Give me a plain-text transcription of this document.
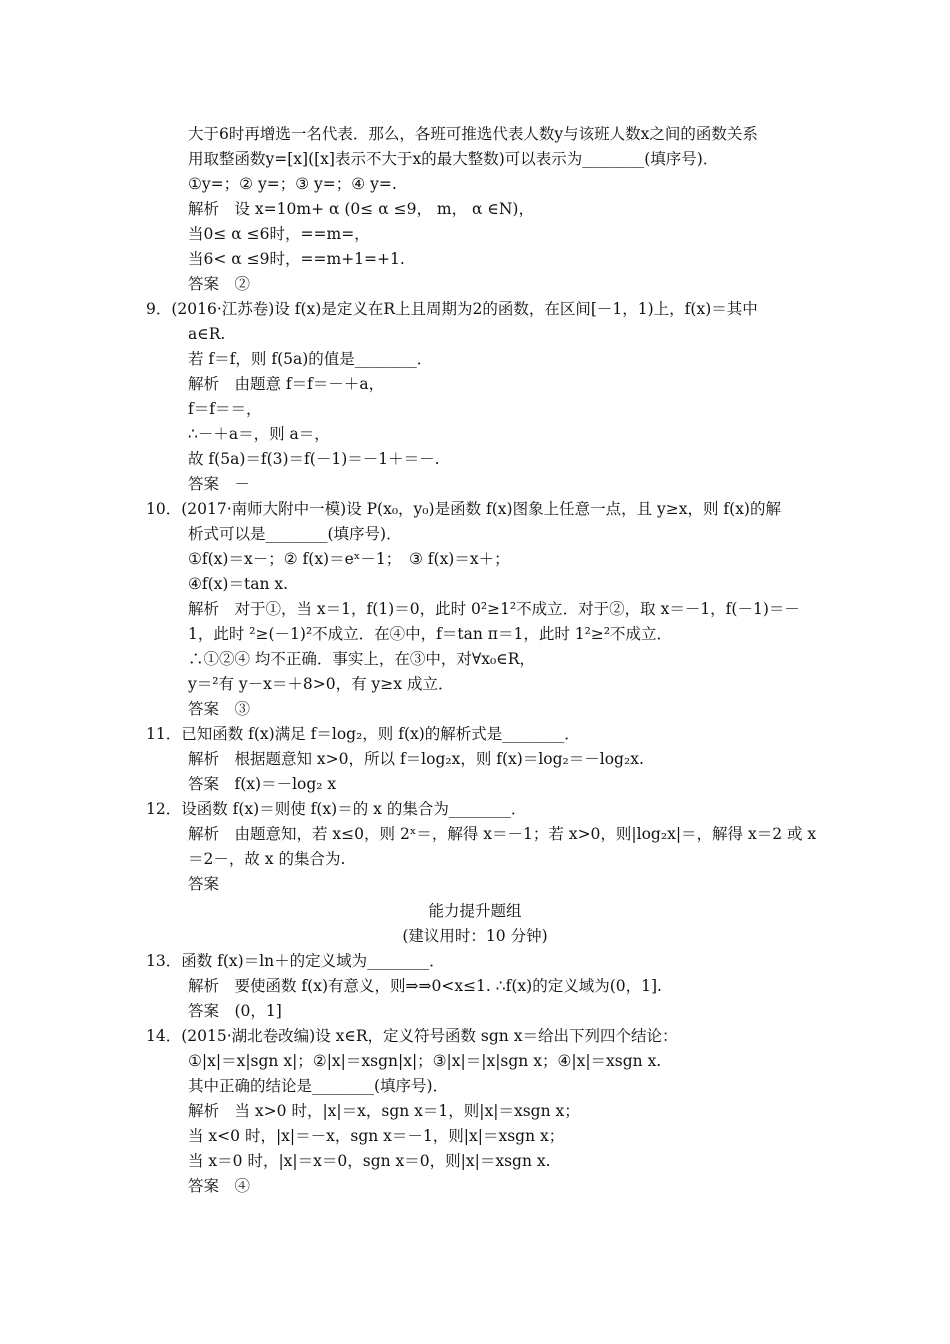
大于6时再增选一名代表．那么，各班可推选代表人数y与该班人数x之间的函数关系
用取整函数y=[x]([x]表示不大于x的最大整数)可以表示为________(填序号)．
①y=；② y=；③ y=；④ y=.
解析　设 x=10m+ α (0≤ α ≤9， m， α ∈N)，
当0≤ α ≤6时，==m=，
当6< α ≤9时，==m+1=+1.
答案　②
9．(2016·江苏卷)设 f(x)是定义在R上且周期为2的函数，在区间[－1，1)上，f(x)＝其中
a∈R.
若 f＝f，则 f(5a)的值是________．
解析　由题意 f＝f＝－＋a，
f＝f＝＝，
∴－＋a＝，则 a＝，
故 f(5a)＝f(3)＝f(－1)＝－1＋＝－.
答案　－
10．(2017·南师大附中一模)设 P(x₀，y₀)是函数 f(x)图象上任意一点，且 y≥x，则 f(x)的解
析式可以是________(填序号)．
①f(x)＝x－；② f(x)＝eˣ－1；　③ f(x)＝x＋；
④f(x)＝tan x.
解析　对于①，当 x＝1，f(1)＝0，此时 0²≥1²不成立．对于②，取 x＝－1，f(－1)＝－
1，此时 ²≥(－1)²不成立．在④中，f＝tan π＝1，此时 1²≥²不成立．
∴①②④ 均不正确．事实上，在③中，对∀x₀∈R，
y＝²有 y－x＝＋8>0，有 y≥x 成立．
答案　③
11．已知函数 f(x)满足 f＝log₂，则 f(x)的解析式是________．
解析　根据题意知 x>0，所以 f＝log₂x，则 f(x)＝log₂＝－log₂x.
答案　f(x)＝－log₂ x
12．设函数 f(x)＝则使 f(x)＝的 x 的集合为________．
解析　由题意知，若 x≤0，则 2ˣ＝，解得 x＝－1；若 x>0，则|log₂x|＝，解得 x＝2 或 x
＝2－，故 x 的集合为.
答案
能力提升题组
(建议用时：10 分钟)
13．函数 f(x)＝ln＋的定义域为________．
解析　要使函数 f(x)有意义，则⇒⇒0<x≤1. ∴f(x)的定义域为(0，1].
答案　(0，1]
14．(2015·湖北卷改编)设 x∈R，定义符号函数 sgn x＝给出下列四个结论：
①|x|＝x|sgn x|；②|x|＝xsgn|x|；③|x|＝|x|sgn x；④|x|＝xsgn x.
其中正确的结论是________(填序号)．
解析　当 x>0 时，|x|＝x，sgn x＝1，则|x|＝xsgn x；
当 x<0 时，|x|＝－x，sgn x＝－1，则|x|＝xsgn x；
当 x＝0 时，|x|＝x＝0，sgn x＝0，则|x|＝xsgn x.
答案　④
